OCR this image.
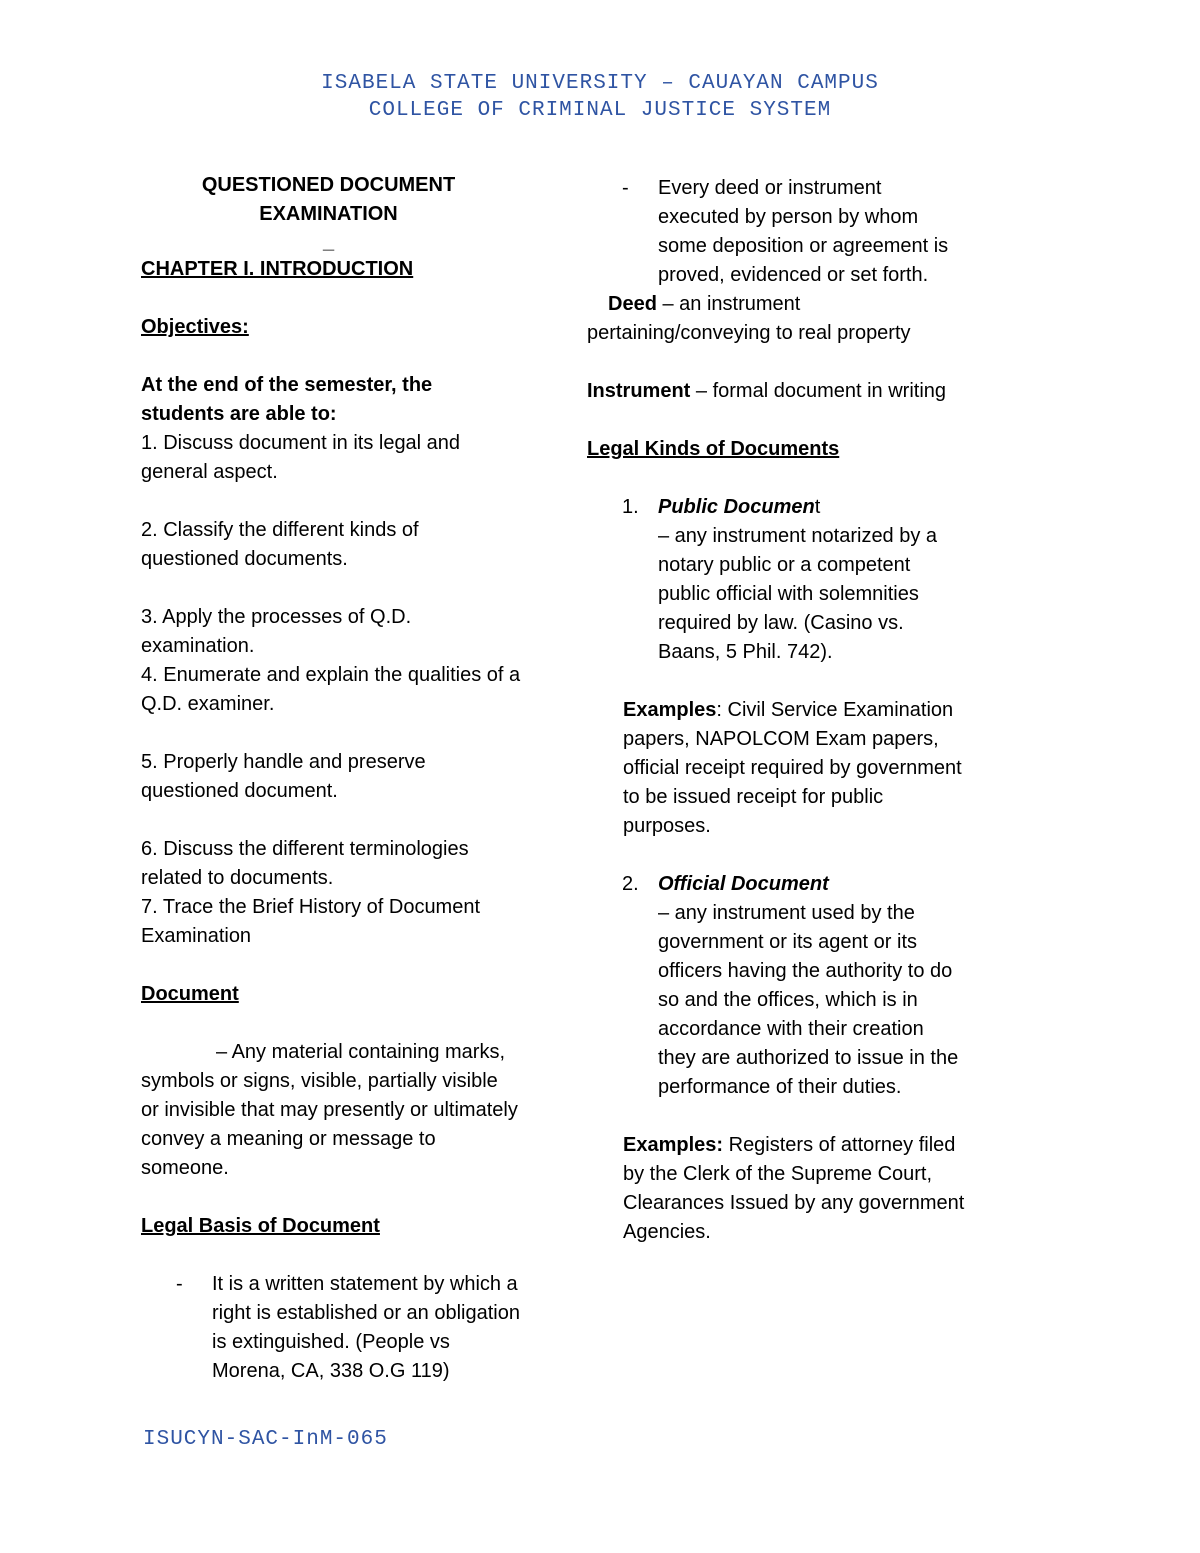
ISABELA STATE UNIVERSITY – CAUAYAN CAMPUS
COLLEGE OF CRIMINAL JUSTICE SYSTEM

QUESTIONED DOCUMENT

EXAMINATION

_

CHAPTER I. INTRODUCTION

Objectives:

At the end of the semester, the students are able to:

1. Discuss document in its legal and general aspect.

2. Classify the different kinds of questioned documents.

3. Apply the processes of Q.D. examination.

4. Enumerate and explain the qualities of a Q.D. examiner.

5. Properly handle and preserve questioned document.

6. Discuss the different terminologies related to documents.

7. Trace the Brief History of Document Examination

Document

– Any material containing marks, symbols or signs, visible, partially visible or invisible that may presently or ultimately convey a meaning or message to someone.

Legal Basis of Document

-	It is a written statement by which a right is established or an obligation is extinguished. (People vs Morena, CA, 338 O.G 119)
-	Every deed or instrument executed by person by whom some deposition or agreement is proved, evidenced or set forth.

Deed – an instrument pertaining/conveying to real property

Instrument – formal document in writing

Legal Kinds of Documents

1. Public Document

– any instrument notarized by a notary public or a competent public official with solemnities required by law. (Casino vs. Baans, 5 Phil. 742).

Examples: Civil Service Examination papers, NAPOLCOM Exam papers, official receipt required by government to be issued receipt for public purposes.

2. Official Document

– any instrument used by the government or its agent or its officers having the authority to do so and the offices, which is in accordance with their creation they are authorized to issue in the performance of their duties.

Examples: Registers of attorney filed by the Clerk of the Supreme Court, Clearances Issued by any government Agencies.

ISUCYN-SAC-InM-065
